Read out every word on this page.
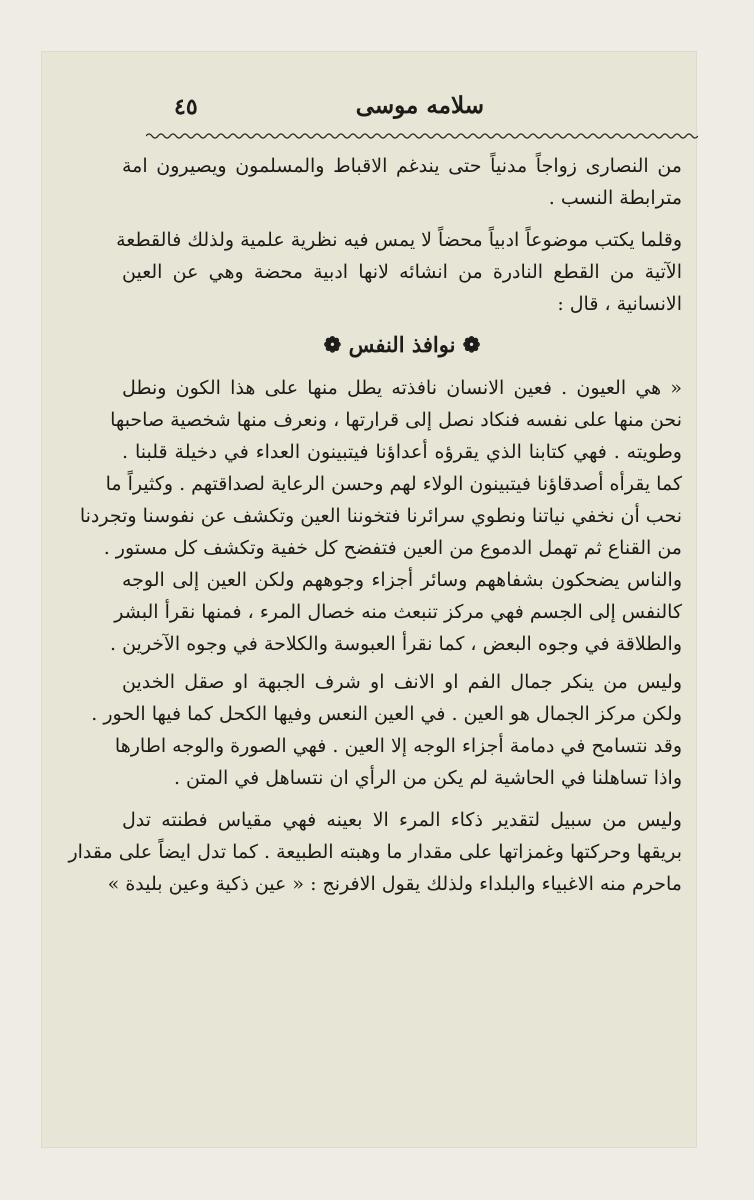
سلامه موسى
٤٥
من النصارى زواجاً مدنياً حتى يندغم الاقباط والمسلمون ويصيرون امة
مترابطة النسب .
وقلما يكتب موضوعاً ادبياً محضاً لا يمس فيه نظرية علمية ولذلك فالقطعة
الآتية من القطع النادرة من انشائه لانها ادبية محضة وهي عن العين
الانسانية ، قال :
❁ نوافذ النفس ❁
« هي العيون . فعين الانسان نافذته يطل منها على هذا الكون ونطل
نحن منها على نفسه فنكاد نصل إلى قرارتها ، ونعرف منها شخصية صاحبها
وطويته . فهي كتابنا الذي يقرؤه أعداؤنا فيتبينون العداء في دخيلة قلبنا .
كما يقرأه أصدقاؤنا فيتبينون الولاء لهم وحسن الرعاية لصداقتهم . وكثيراً ما
نحب أن نخفي نياتنا ونطوي سرائرنا فتخوننا العين وتكشف عن نفوسنا وتجردنا
من القناع ثم تهمل الدموع من العين فتفضح كل خفية وتكشف كل مستور .
والناس يضحكون بشفاههم وسائر أجزاء وجوههم ولكن العين إلى الوجه
كالنفس إلى الجسم فهي مركز تنبعث منه خصال المرء ، فمنها نقرأ البشر
والطلاقة في وجوه البعض ، كما نقرأ العبوسة والكلاحة في وجوه الآخرين .
وليس من ينكر جمال الفم او الانف او شرف الجبهة او صقل الخدين
ولكن مركز الجمال هو العين . في العين النعس وفيها الكحل كما فيها الحور .
وقد نتسامح في دمامة أجزاء الوجه إلا العين . فهي الصورة والوجه اطارها
واذا تساهلنا في الحاشية لم يكن من الرأي ان نتساهل في المتن .
وليس من سبيل لتقدير ذكاء المرء الا بعينه فهي مقياس فطنته تدل
بريقها وحركتها وغمزاتها على مقدار ما وهبته الطبيعة . كما تدل ايضاً على مقدار
ماحرم منه الاغبياء والبلداء ولذلك يقول الافرنج : « عين ذكية وعين بليدة »
